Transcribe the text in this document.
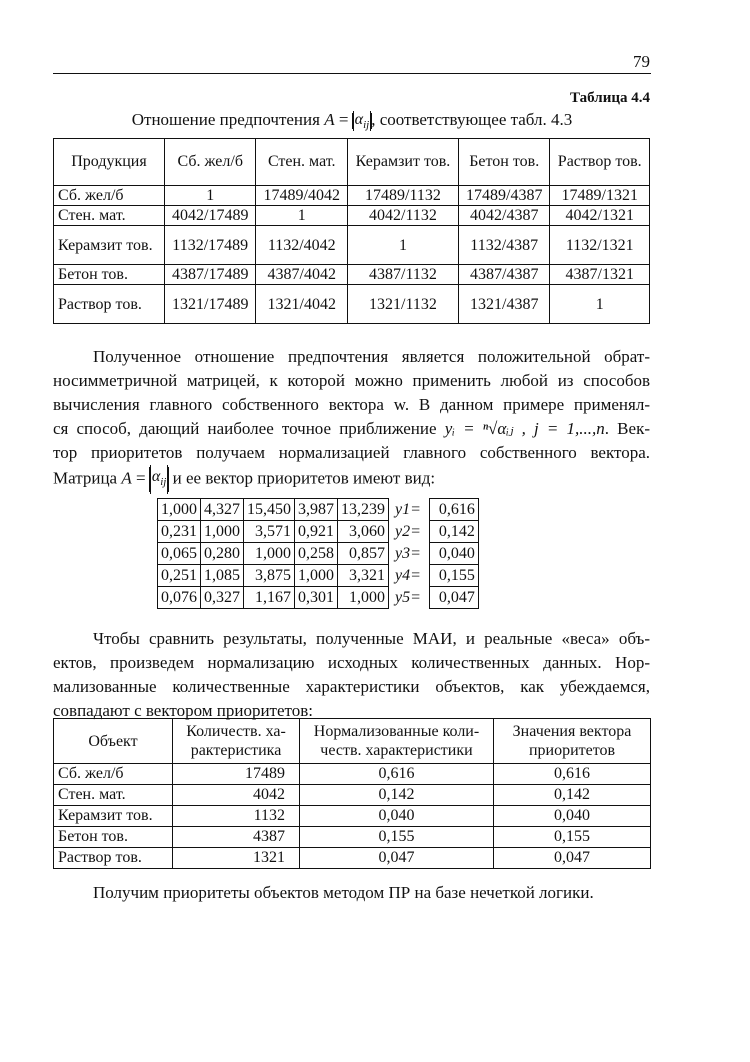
79
Таблица 4.4
Отношение предпочтения $A = \alpha_{ij}$ , соответствующее табл. 4.3
Продукция	Сб. жел/б	Стен. мат.	Керамзит тов.	Бетон тов.	Раствор тов.
Сб. жел/б	1	17489/4042	17489/1132	17489/4387	17489/1321
Стен. мат.	4042/17489	1	4042/1132	4042/4387	4042/1321
Керамзит тов.	1132/17489	1132/4042	1	1132/4387	1132/1321
Бетон тов.	4387/17489	4387/4042	4387/1132	4387/4387	4387/1321
Раствор тов.	1321/17489	1321/4042	1321/1132	1321/4387	1
Полученное отношение предпочтения является положительной обрат-
носимметричной матрицей, к которой можно применить любой из способов
вычисления главного собственного вектора w. В данном примере применял-
ся способ, дающий наиболее точное приближение yᵢ = ⁿ√αᵢⱼ , j = 1,...,n. Век-
тор приоритетов получаем нормализацией главного собственного вектора.
Матрица $A = \alpha_{ij}$ и ее вектор приоритетов имеют вид:
1,000	4,327	15,450	3,987	13,239	y1=	0,616
0,231	1,000	3,571	0,921	3,060	y2=	0,142
0,065	0,280	1,000	0,258	0,857	y3=	0,040
0,251	1,085	3,875	1,000	3,321	y4=	0,155
0,076	0,327	1,167	0,301	1,000	y5=	0,047
Чтобы сравнить результаты, полученные МАИ, и реальные «веса» объ-
ектов, произведем нормализацию исходных количественных данных. Нор-
мализованные количественные характеристики объектов, как убеждаемся,
совпадают с вектором приоритетов:
Объект	Количеств. ха-рактеристика	Нормализованные коли-честв. характеристики	Значения вектора приоритетов
Сб. жел/б	17489	0,616	0,616
Стен. мат.	4042	0,142	0,142
Керамзит тов.	1132	0,040	0,040
Бетон тов.	4387	0,155	0,155
Раствор тов.	1321	0,047	0,047
Получим приоритеты объектов методом ПР на базе нечеткой логики.
